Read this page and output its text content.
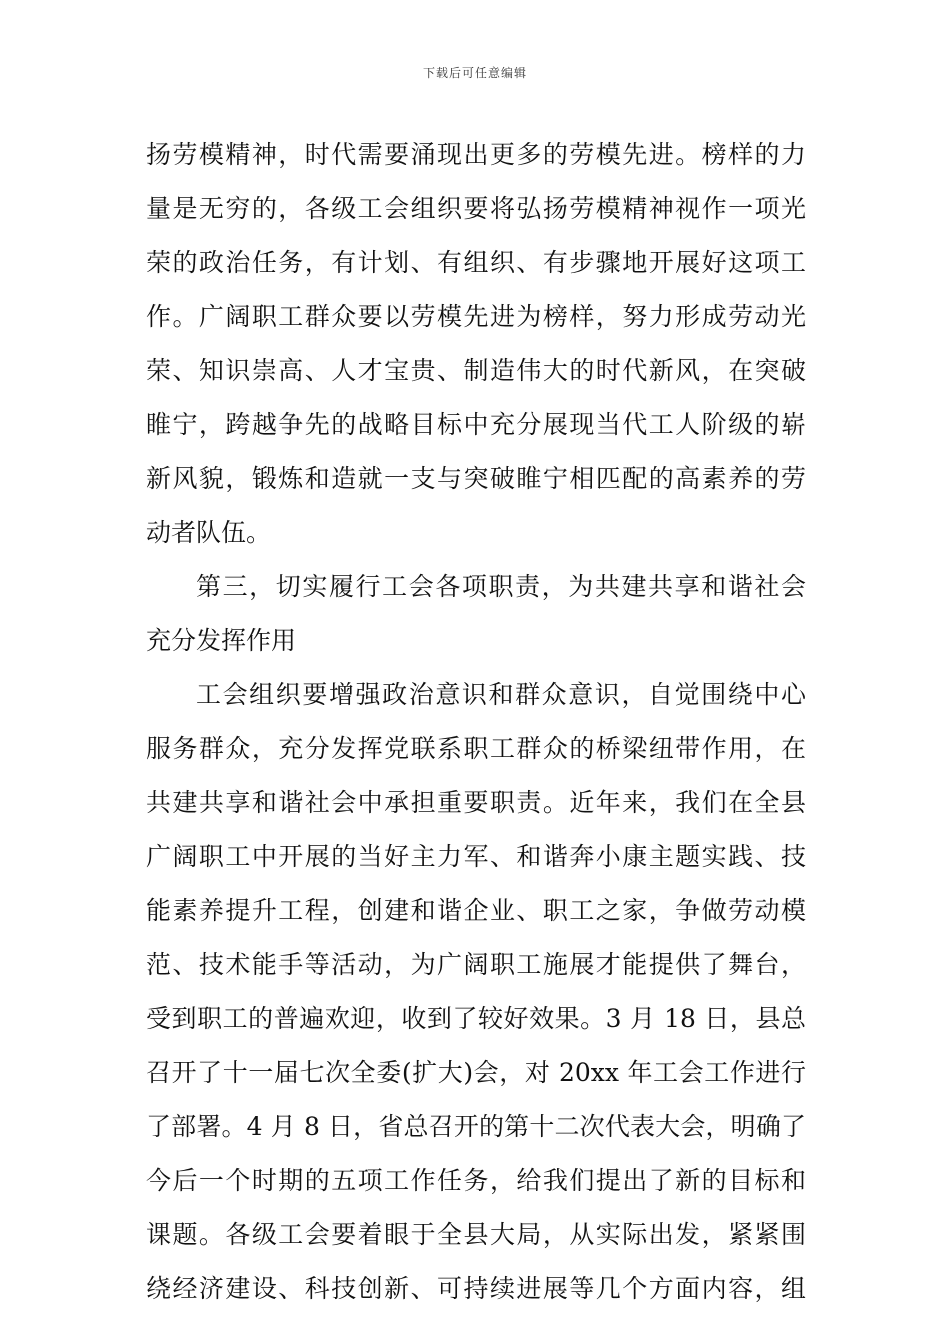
下载后可任意编辑
扬劳模精神，时代需要涌现出更多的劳模先进。榜样的力
量是无穷的，各级工会组织要将弘扬劳模精神视作一项光
荣的政治任务，有计划、有组织、有步骤地开展好这项工
作。广阔职工群众要以劳模先进为榜样，努力形成劳动光
荣、知识崇高、人才宝贵、制造伟大的时代新风，在突破
睢宁，跨越争先的战略目标中充分展现当代工人阶级的崭
新风貌，锻炼和造就一支与突破睢宁相匹配的高素养的劳
动者队伍。
第三，切实履行工会各项职责，为共建共享和谐社会
充分发挥作用
工会组织要增强政治意识和群众意识，自觉围绕中心
服务群众，充分发挥党联系职工群众的桥梁纽带作用，在
共建共享和谐社会中承担重要职责。近年来，我们在全县
广阔职工中开展的当好主力军、和谐奔小康主题实践、技
能素养提升工程，创建和谐企业、职工之家，争做劳动模
范、技术能手等活动，为广阔职工施展才能提供了舞台，
受到职工的普遍欢迎，收到了较好效果。3 月 18 日，县总
召开了十一届七次全委(扩大)会，对 20xx 年工会工作进行
了部署。4 月 8 日，省总召开的第十二次代表大会，明确了
今后一个时期的五项工作任务，给我们提出了新的目标和
课题。各级工会要着眼于全县大局，从实际出发，紧紧围
绕经济建设、科技创新、可持续进展等几个方面内容，组
